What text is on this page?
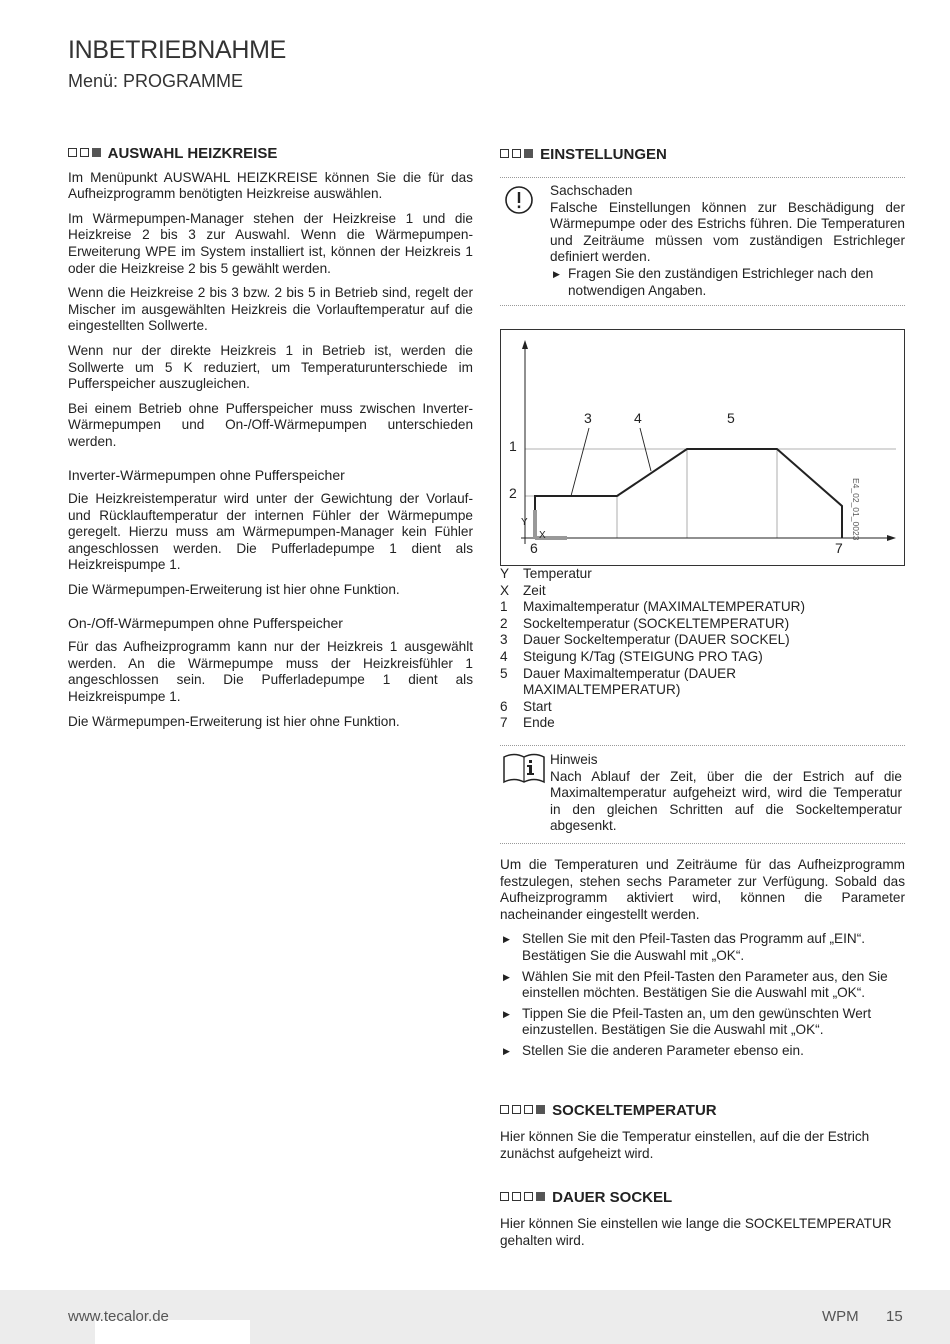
INBETRIEBNAHME
Menü: PROGRAMME
AUSWAHL HEIZKREISE

Im Menüpunkt AUSWAHL HEIZKREISE können Sie die für das Aufheizprogramm benötigten Heizkreise auswählen.

Im Wärmepumpen-Manager stehen der Heizkreise 1 und die Heizkreise 2 bis 3 zur Auswahl. Wenn die Wärmepumpen-Erweiterung WPE im System installiert ist, können der Heizkreis 1 oder die Heizkreise 2 bis 5 gewählt werden.

Wenn die Heizkreise 2 bis 3 bzw. 2 bis 5 in Betrieb sind, regelt der Mischer im ausgewählten Heizkreis die Vorlauftemperatur auf die eingestellten Sollwerte.

Wenn nur der direkte Heizkreis 1 in Betrieb ist, werden die Sollwerte um 5 K reduziert, um Temperaturunterschiede im Pufferspeicher auszugleichen.

Bei einem Betrieb ohne Pufferspeicher muss zwischen Inverter-Wärmepumpen und On-/Off-Wärmepumpen unterschieden werden.

Inverter-Wärmepumpen ohne Pufferspeicher

Die Heizkreistemperatur wird unter der Gewichtung der Vorlauf- und Rücklauftemperatur der internen Fühler der Wärmepumpe geregelt. Hierzu muss am Wärmepumpen-Manager kein Fühler angeschlossen werden. Die Pufferladepumpe 1 dient als Heizkreispumpe 1.

Die Wärmepumpen-Erweiterung ist hier ohne Funktion.

On-/Off-Wärmepumpen ohne Pufferspeicher

Für das Aufheizprogramm kann nur der Heizkreis 1 ausgewählt werden. An die Wärmepumpe muss der Heizkreisfühler 1 angeschlossen sein. Die Pufferladepumpe 1 dient als Heizkreispumpe 1.

Die Wärmepumpen-Erweiterung ist hier ohne Funktion.

EINSTELLUNGEN
Sachschaden
Falsche Einstellungen können zur Beschädigung der Wärmepumpe oder des Estrichs führen. Die Temperaturen und Zeiträume müssen vom zuständigen Estrichleger definiert werden.
▶ Fragen Sie den zuständigen Estrichleger nach den notwendigen Angaben.
1
2
3	4	5
6	7
Y
X	E4_02_01_0023
Y	Temperatur
X	Zeit
1	Maximaltemperatur (MAXIMALTEMPERATUR)
2	Sockeltemperatur (SOCKELTEMPERATUR)
3	Dauer Sockeltemperatur (DAUER SOCKEL)
4	Steigung K/Tag (STEIGUNG PRO TAG)
5	Dauer Maximaltemperatur (DAUER MAXIMALTEMPERATUR)
6	Start
7	Ende
Hinweis
Nach Ablauf der Zeit, über die der Estrich auf die Maximaltemperatur aufgeheizt wird, wird die Temperatur in den gleichen Schritten auf die Sockeltemperatur abgesenkt.

Um die Temperaturen und Zeiträume für das Aufheizprogramm festzulegen, stehen sechs Parameter zur Verfügung. Sobald das Aufheizprogramm aktiviert wird, können die Parameter nacheinander eingestellt werden.

▶ Stellen Sie mit den Pfeil-Tasten das Programm auf „EIN“. Bestätigen Sie die Auswahl mit „OK“.
▶ Wählen Sie mit den Pfeil-Tasten den Parameter aus, den Sie einstellen möchten. Bestätigen Sie die Auswahl mit „OK“.
▶ Tippen Sie die Pfeil-Tasten an, um den gewünschten Wert einzustellen. Bestätigen Sie die Auswahl mit „OK“.
▶ Stellen Sie die anderen Parameter ebenso ein.
SOCKELTEMPERATUR
Hier können Sie die Temperatur einstellen, auf die der Estrich zunächst aufgeheizt wird.
DAUER SOCKEL
Hier können Sie einstellen wie lange die SOCKELTEMPERATUR gehalten wird.
www.tecalor.de	WPM 15
